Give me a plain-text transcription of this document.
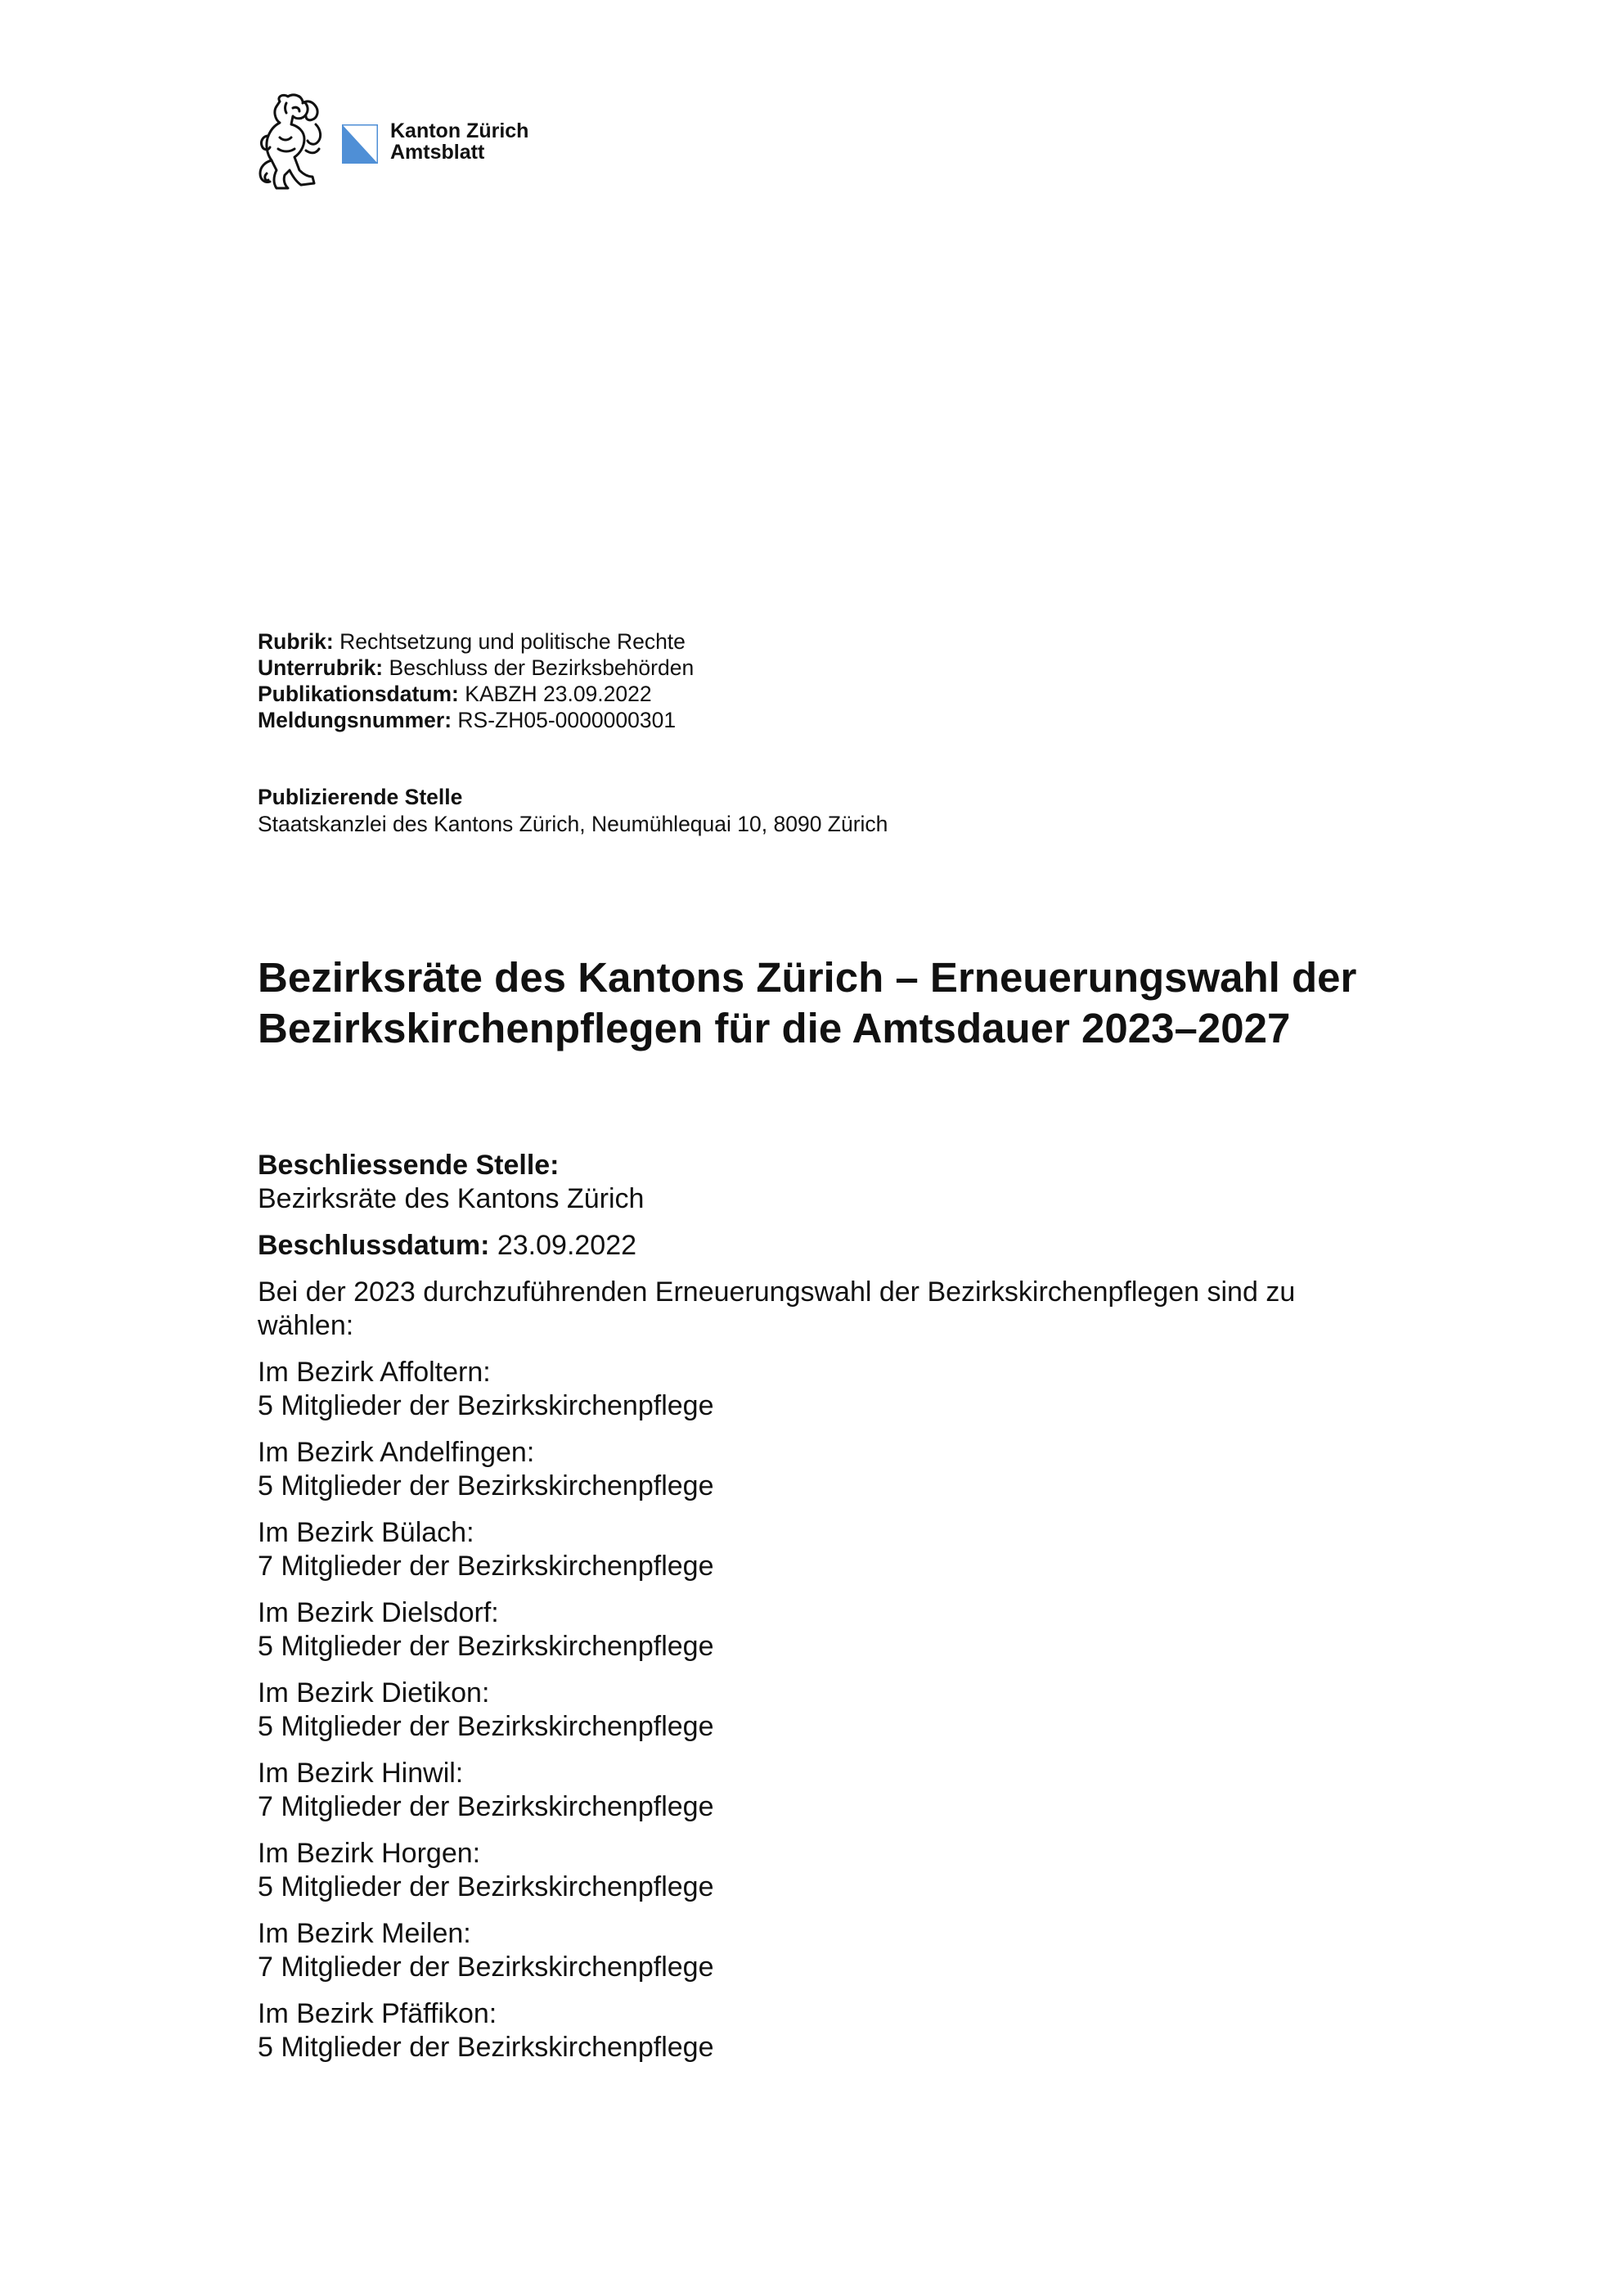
Kanton Zürich
Amtsblatt
Rubrik: Rechtsetzung und politische Rechte
Unterrubrik: Beschluss der Bezirksbehörden
Publikationsdatum: KABZH 23.09.2022
Meldungsnummer: RS-ZH05-0000000301
Publizierende Stelle
Staatskanzlei des Kantons Zürich, Neumühlequai 10, 8090 Zürich
Bezirksräte des Kantons Zürich – Erneuerungswahl der Bezirkskirchenpflegen für die Amtsdauer 2023–2027

Beschliessende Stelle:
Bezirksräte des Kantons Zürich

Beschlussdatum: 23.09.2022

Bei der 2023 durchzuführenden Erneuerungswahl der Bezirkskirchenpflegen sind zu wählen:

Im Bezirk Affoltern:
5 Mitglieder der Bezirkskirchenpflege

Im Bezirk Andelfingen:
5 Mitglieder der Bezirkskirchenpflege

Im Bezirk Bülach:
7 Mitglieder der Bezirkskirchenpflege

Im Bezirk Dielsdorf:
5 Mitglieder der Bezirkskirchenpflege

Im Bezirk Dietikon:
5 Mitglieder der Bezirkskirchenpflege

Im Bezirk Hinwil:
7 Mitglieder der Bezirkskirchenpflege

Im Bezirk Horgen:
5 Mitglieder der Bezirkskirchenpflege

Im Bezirk Meilen:
7 Mitglieder der Bezirkskirchenpflege

Im Bezirk Pfäffikon:
5 Mitglieder der Bezirkskirchenpflege
